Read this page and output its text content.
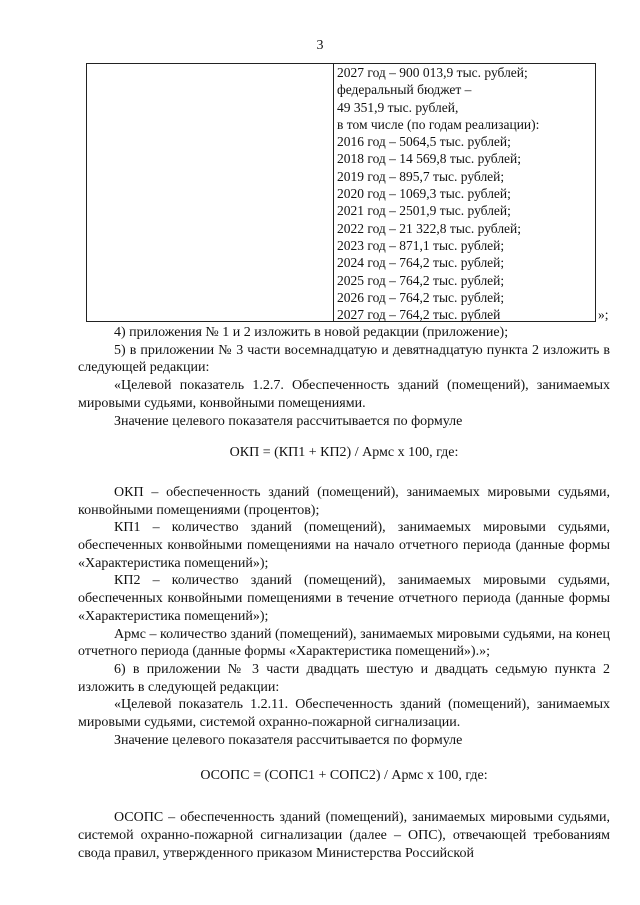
3
2027 год – 900 013,9 тыс. рублей;
федеральный бюджет –
49 351,9 тыс. рублей,
в том числе (по годам реализации):
2016 год – 5064,5 тыс. рублей;
2018 год – 14 569,8 тыс. рублей;
2019 год – 895,7 тыс. рублей;
2020 год – 1069,3 тыс. рублей;
2021 год – 2501,9 тыс. рублей;
2022 год – 21 322,8 тыс. рублей;
2023 год – 871,1 тыс. рублей;
2024 год – 764,2 тыс. рублей;
2025 год – 764,2 тыс. рублей;
2026 год – 764,2 тыс. рублей;
2027 год – 764,2 тыс. рублей	»;

4) приложения № 1 и 2 изложить в новой редакции (приложение);

5) в приложении № 3 части восемнадцатую и девятнадцатую пункта 2 изложить в следующей редакции:

«Целевой показатель 1.2.7. Обеспеченность зданий (помещений), занимаемых мировыми судьями, конвойными помещениями.

Значение целевого показателя рассчитывается по формуле

ОКП = (КП1 + КП2) / Армс х 100, где:

ОКП – обеспеченность зданий (помещений), занимаемых мировыми судьями, конвойными помещениями (процентов);

КП1 – количество зданий (помещений), занимаемых мировыми судьями, обеспеченных конвойными помещениями на начало отчетного периода (данные формы «Характеристика помещений»);

КП2 – количество зданий (помещений), занимаемых мировыми судьями, обеспеченных конвойными помещениями в течение отчетного периода (данные формы «Характеристика помещений»);

Армс – количество зданий (помещений), занимаемых мировыми судьями, на конец отчетного периода (данные формы «Характеристика помещений»).»;

6) в приложении № 3 части двадцать шестую и двадцать седьмую пункта 2 изложить в следующей редакции:

«Целевой показатель 1.2.11. Обеспеченность зданий (помещений), занимаемых мировыми судьями, системой охранно-пожарной сигнализации.

Значение целевого показателя рассчитывается по формуле

ОСОПС = (СОПС1 + СОПС2) / Армс х 100, где:

ОСОПС – обеспеченность зданий (помещений), занимаемых мировыми судьями, системой охранно-пожарной сигнализации (далее – ОПС), отвечающей требованиям свода правил, утвержденного приказом Министерства Российской
